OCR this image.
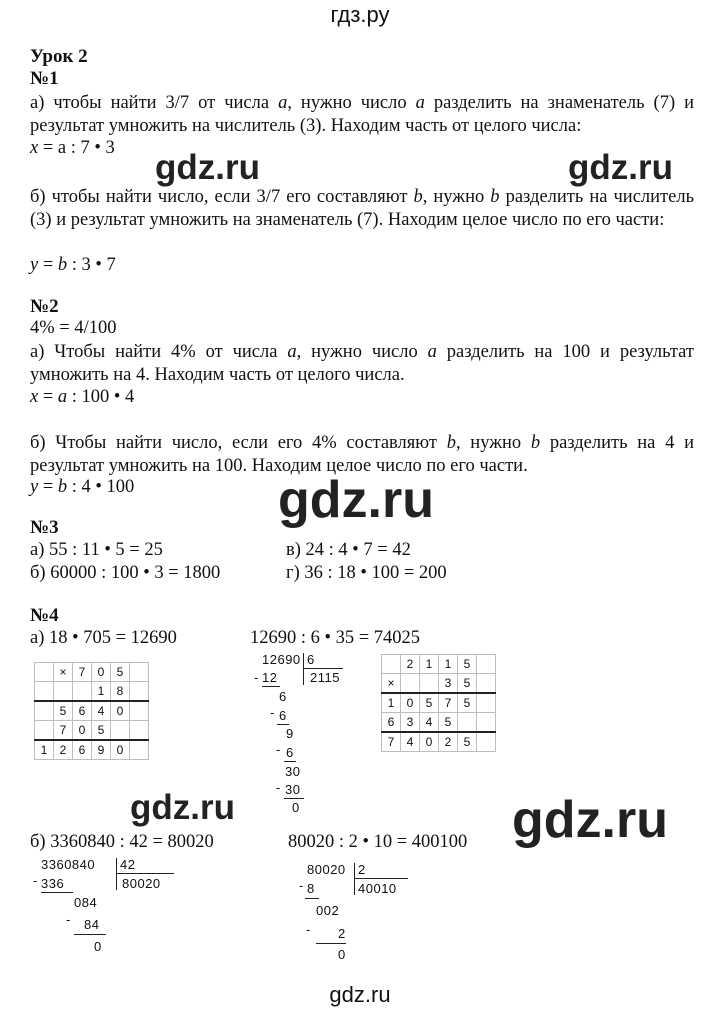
гдз.ру
gdz.ru
gdz.ru	gdz.ru
gdz.ru
gdz.ru	gdz.ru
Урок 2
№1
а) чтобы найти 3/7 от числа a, нужно число a разделить на знаменатель (7) и результат умножить на числитель (3). Находим часть от целого числа:
x = a : 7 • 3
б) чтобы найти число, если 3/7 его составляют b, нужно b разделить на числитель (3) и результат умножить на знаменатель (7). Находим целое число по его части:
y = b : 3 • 7
№2
4% = 4/100
а) Чтобы найти 4% от числа a, нужно число a разделить на 100 и результат умножить на 4. Находим часть от целого числа.
x = a : 100 • 4
б) Чтобы найти число, если его 4% составляют b, нужно b разделить на 4 и результат умножить на 100. Находим целое число по его части.
y = b : 4 • 100
№3
а) 55 : 11 • 5 = 25
б) 60000 : 100 • 3 = 1800
в) 24 : 4 • 7 = 42
г) 36 : 18 • 100 = 200
№4
а) 18 • 705 = 12690	12690 : 6 • 35 = 74025
	×	7	0	5	
			1	8	
	5	6	4	0	
	7	0	5		
1	2	6	9	0	
	2	1	1	5	
×			3	5	
1	0	5	7	5	
6	3	4	5		
7	4	0	2	5	
12690 6
2115
- 12
6
- 6
9
- 6
30
- 30
0
б) 3360840 : 42 = 80020	80020 : 2 • 10 = 400100
3360840 42
80020
- 336
084
- 84
0
80020 2
40010
- 8
002
- 2
0
